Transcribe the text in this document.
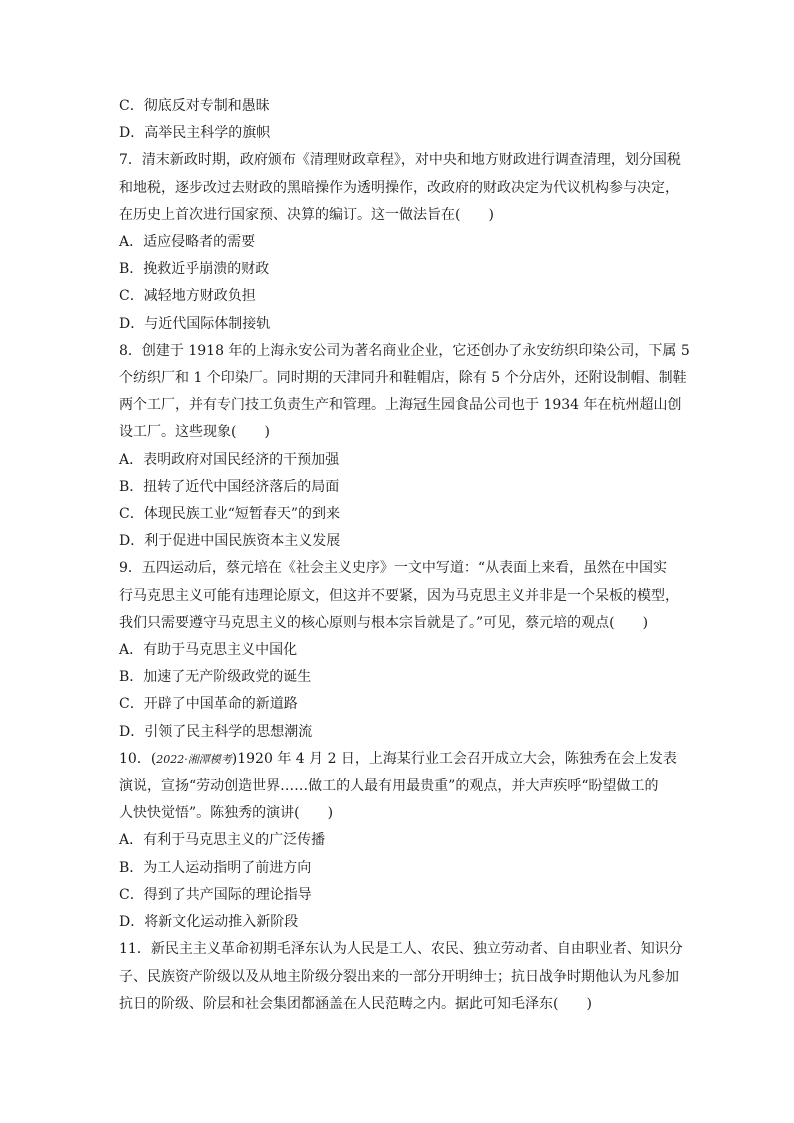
C．彻底反对专制和愚昧
D．高举民主科学的旗帜
7．清末新政时期，政府颁布《清理财政章程》，对中央和地方财政进行调查清理，划分国税
和地税，逐步改过去财政的黑暗操作为透明操作，改政府的财政决定为代议机构参与决定，
在历史上首次进行国家预、决算的编订。这一做法旨在(　　)
A．适应侵略者的需要
B．挽救近乎崩溃的财政
C．减轻地方财政负担
D．与近代国际体制接轨
8．创建于 1918 年的上海永安公司为著名商业企业，它还创办了永安纺织印染公司，下属 5
个纺织厂和 1 个印染厂。同时期的天津同升和鞋帽店，除有 5 个分店外，还附设制帽、制鞋
两个工厂，并有专门技工负责生产和管理。上海冠生园食品公司也于 1934 年在杭州超山创
设工厂。这些现象(　　)
A．表明政府对国民经济的干预加强
B．扭转了近代中国经济落后的局面
C．体现民族工业“短暂春天”的到来
D．利于促进中国民族资本主义发展
9．五四运动后，蔡元培在《社会主义史序》一文中写道：“从表面上来看，虽然在中国实
行马克思主义可能有违理论原文，但这并不要紧，因为马克思主义并非是一个呆板的模型，
我们只需要遵守马克思主义的核心原则与根本宗旨就是了。”可见，蔡元培的观点(　　)
A．有助于马克思主义中国化
B．加速了无产阶级政党的诞生
C．开辟了中国革命的新道路
D．引领了民主科学的思想潮流
10．(2022·湘潭模考)1920 年 4 月 2 日，上海某行业工会召开成立大会，陈独秀在会上发表
演说，宣扬“劳动创造世界……做工的人最有用最贵重”的观点，并大声疾呼“盼望做工的
人快快觉悟”。陈独秀的演讲(　　)
A．有利于马克思主义的广泛传播
B．为工人运动指明了前进方向
C．得到了共产国际的理论指导
D．将新文化运动推入新阶段
11．新民主主义革命初期毛泽东认为人民是工人、农民、独立劳动者、自由职业者、知识分
子、民族资产阶级以及从地主阶级分裂出来的一部分开明绅士；抗日战争时期他认为凡参加
抗日的阶级、阶层和社会集团都涵盖在人民范畴之内。据此可知毛泽东(　　)
